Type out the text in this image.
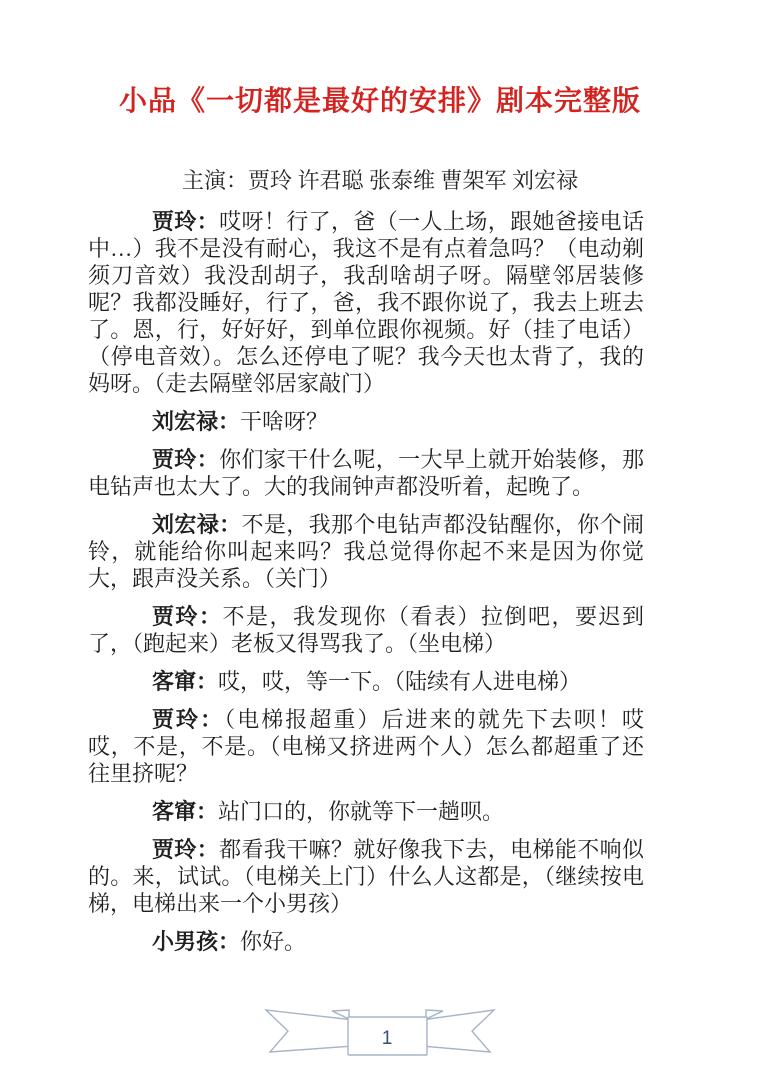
小品《一切都是最好的安排》剧本完整版
主演：贾玲 许君聪 张泰维 曹架军 刘宏禄

贾玲：哎呀！行了，爸（一人上场，跟她爸接电话中…）我不是没有耐心，我这不是有点着急吗？（电动剃须刀音效）我没刮胡子，我刮啥胡子呀。隔壁邻居装修呢？我都没睡好，行了，爸，我不跟你说了，我去上班去了。恩，行，好好好，到单位跟你视频。好（挂了电话）（停电音效）。怎么还停电了呢？我今天也太背了，我的妈呀。（走去隔壁邻居家敲门）

刘宏禄：干啥呀？

贾玲：你们家干什么呢，一大早上就开始装修，那电钻声也太大了。大的我闹钟声都没听着，起晚了。

刘宏禄：不是，我那个电钻声都没钻醒你，你个闹铃，就能给你叫起来吗？我总觉得你起不来是因为你觉大，跟声没关系。（关门）

贾玲：不是，我发现你（看表）拉倒吧，要迟到了，（跑起来）老板又得骂我了。（坐电梯）

客窜：哎，哎，等一下。（陆续有人进电梯）

贾玲：（电梯报超重）后进来的就先下去呗！哎哎，不是，不是。（电梯又挤进两个人）怎么都超重了还往里挤呢？

客窜：站门口的，你就等下一趟呗。

贾玲：都看我干嘛？就好像我下去，电梯能不响似的。来，试试。（电梯关上门）什么人这都是，（继续按电梯，电梯出来一个小男孩）

小男孩：你好。

1
